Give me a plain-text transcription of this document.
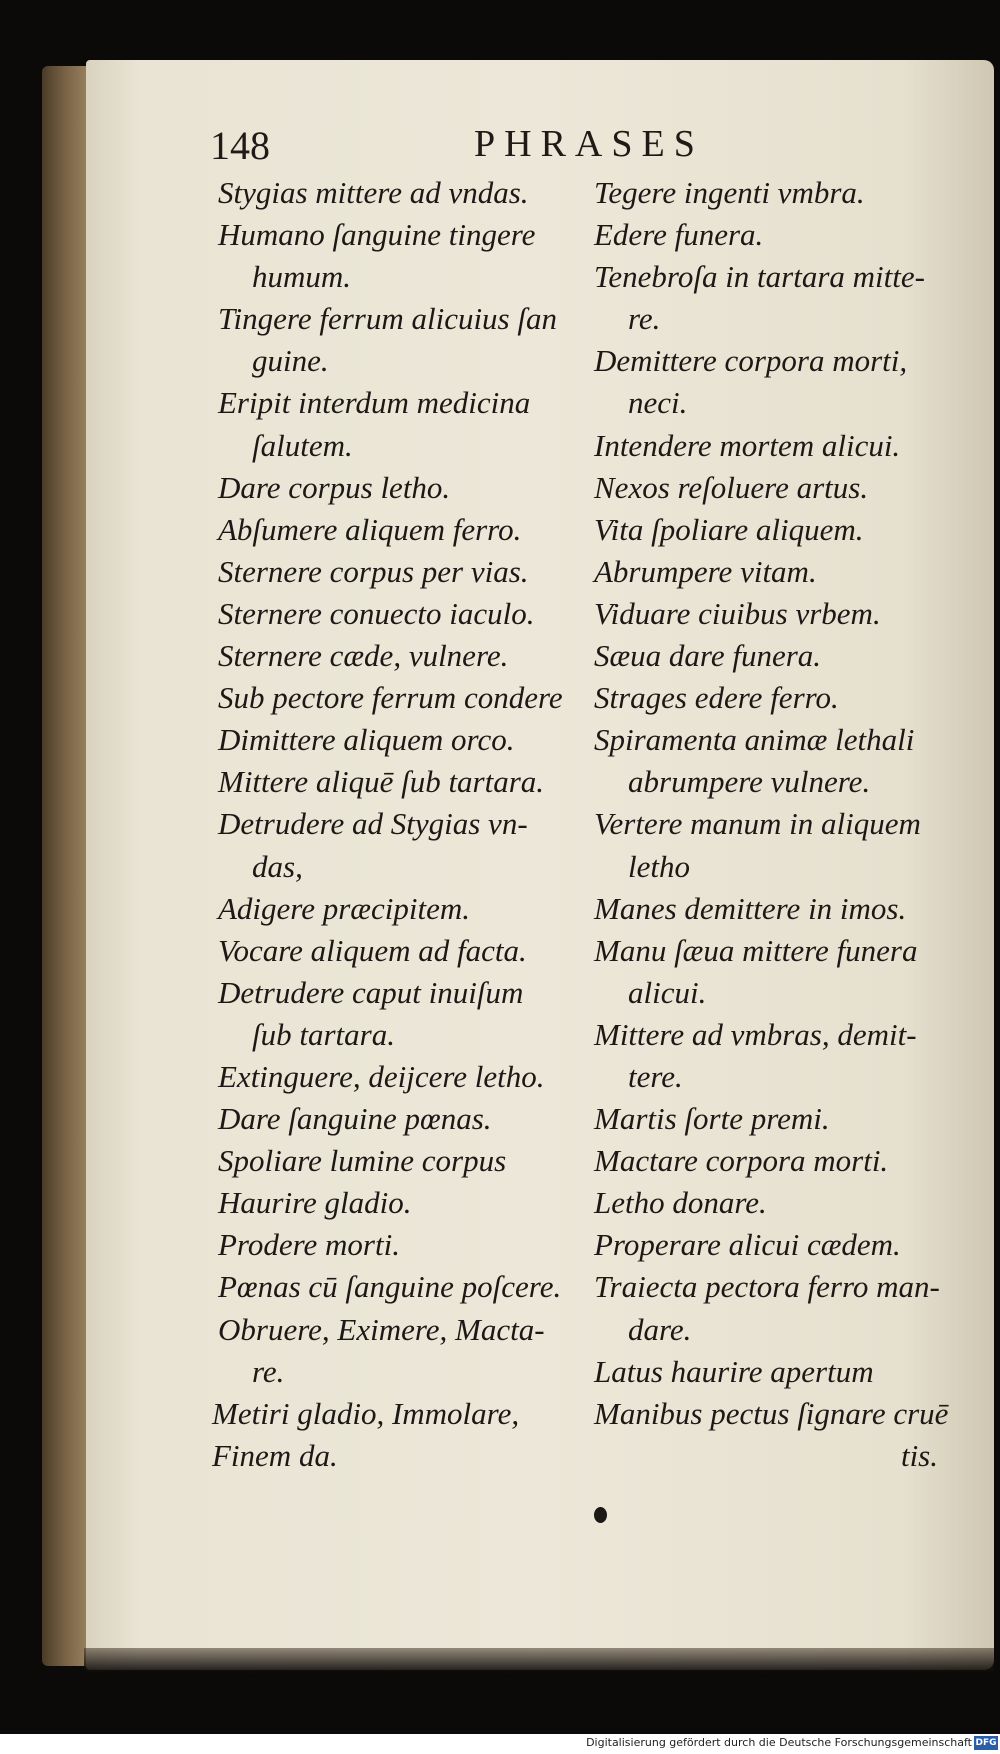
148	PHRASES
Stygias mittere ad vndas.
Humano ſanguine tingere
humum.
Tingere ferrum alicuius ſan
guine.
Eripit interdum medicina
ſalutem.
Dare corpus letho.
Abſumere aliquem ferro.
Sternere corpus per vias.
Sternere conиecto iaculo.
Sternere cæde, vulnere.
Sub pectore ferrum condere
Dimittere aliquem orco.
Mittere aliquē ſub tartara.
Detrudere ad Stygias vn-
das,
Adigere præcipitem.
Vocare aliquem ad facta.
Detrudere caput inuiſum
ſub tartara.
Extinguere, deijcere letho.
Dare ſanguine pœnas.
Spoliare lumine corpus
Haurire gladio.
Prodere morti.
Pœnas cū ſanguine poſcere.
Obruere, Eximere, Macta-
re.
Metiri gladio, Immolare,
Finem da.
Tegere ingenti vmbra.
Edere funera.
Tenebroſa in tartara mitte-
re.
Demittere corpora morti,
neci.
Intendere mortem alicui.
Nexos reſoluere artus.
Vita ſpoliare aliquem.
Abrumpere vitam.
Viduare ciuibus vrbem.
Sæua dare funera.
Strages edere ferro.
Spiramenta animæ lethali
abrumpere vulnere.
Vertere manum in aliquem
letho
Manes demittere in imos.
Manu ſæua mittere funera
alicui.
Mittere ad vmbras, demit-
tere.
Martis ſorte premi.
Mactare corpora morti.
Letho donare.
Properare alicui cædem.
Traiecta pectora ferro man-
dare.
Latus haurire apertum
Manibus pectus ſignare cruē
tis.
Digitalisierung gefördert durch die Deutsche Forschungsgemeinschaft DFG
